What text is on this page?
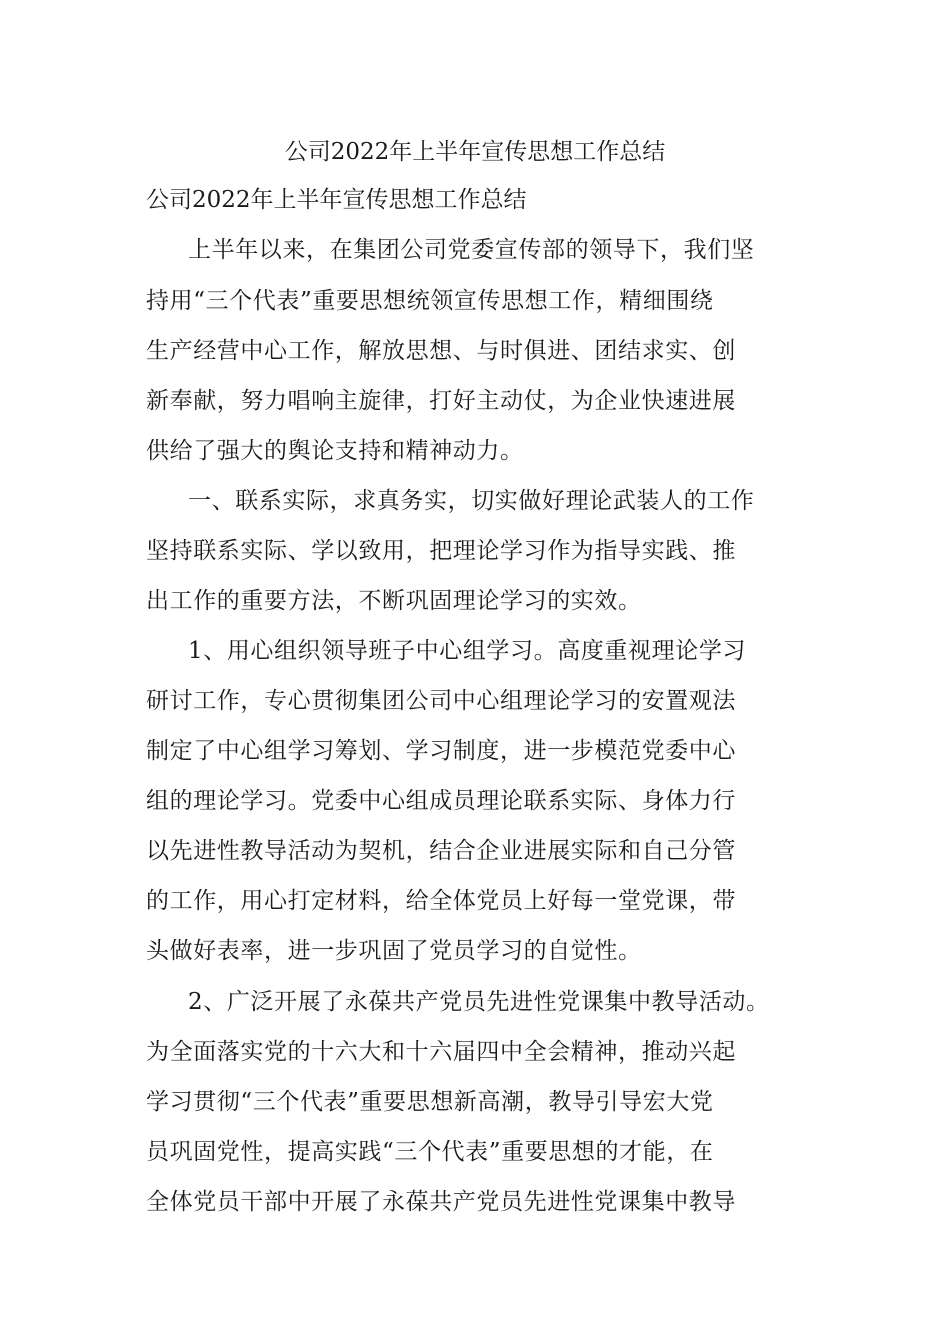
公司2022年上半年宣传思想工作总结
公司2022年上半年宣传思想工作总结
上半年以来，在集团公司党委宣传部的领导下，我们坚
持用“三个代表”重要思想统领宣传思想工作，精细围绕
生产经营中心工作，解放思想、与时俱进、团结求实、创
新奉献，努力唱响主旋律，打好主动仗，为企业快速进展
供给了强大的舆论支持和精神动力。
一、联系实际，求真务实，切实做好理论武装人的工作
坚持联系实际、学以致用，把理论学习作为指导实践、推
出工作的重要方法，不断巩固理论学习的实效。
1、用心组织领导班子中心组学习。高度重视理论学习
研讨工作，专心贯彻集团公司中心组理论学习的安置观法
制定了中心组学习筹划、学习制度，进一步模范党委中心
组的理论学习。党委中心组成员理论联系实际、身体力行
以先进性教导活动为契机，结合企业进展实际和自己分管
的工作，用心打定材料，给全体党员上好每一堂党课，带
头做好表率，进一步巩固了党员学习的自觉性。
2、广泛开展了永葆共产党员先进性党课集中教导活动。
为全面落实党的十六大和十六届四中全会精神，推动兴起
学习贯彻“三个代表”重要思想新高潮，教导引导宏大党
员巩固党性，提高实践“三个代表”重要思想的才能，在
全体党员干部中开展了永葆共产党员先进性党课集中教导
